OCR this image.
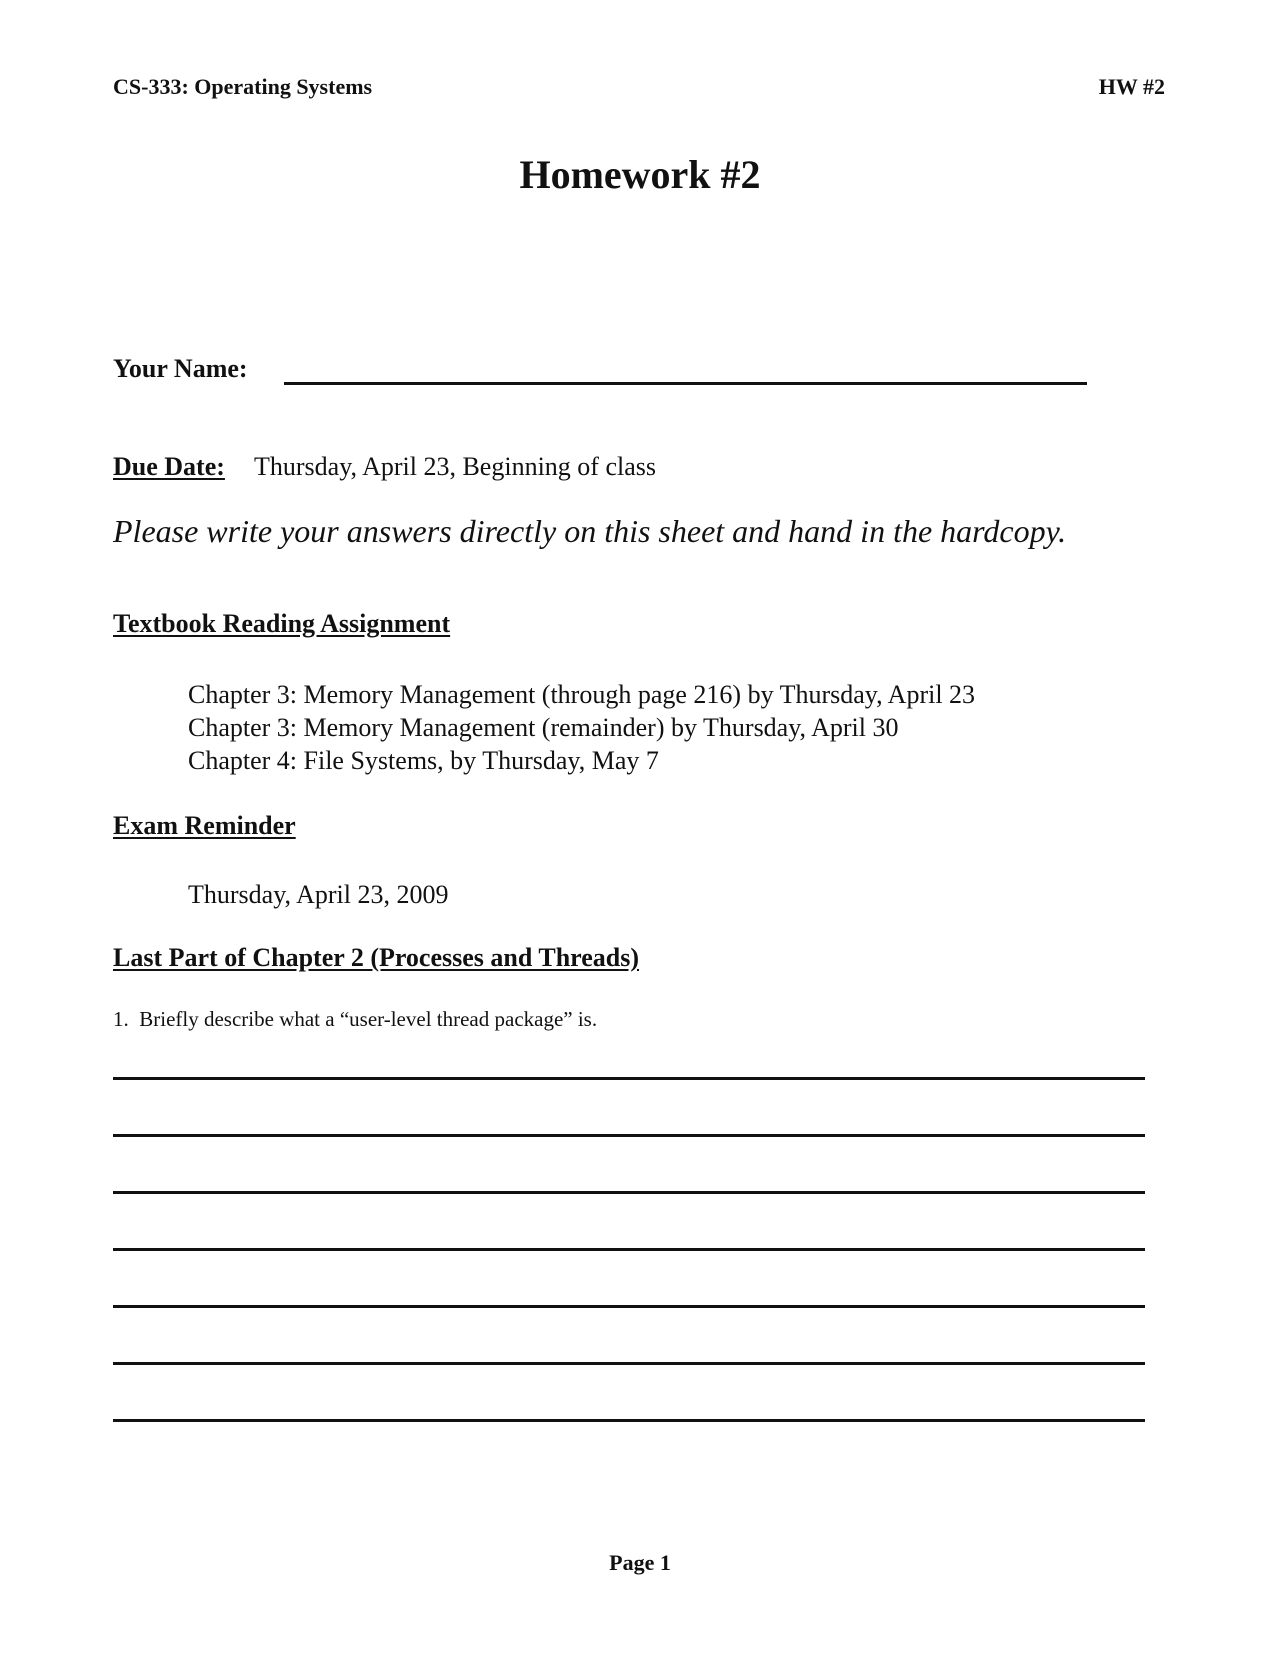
CS-333: Operating Systems	HW #2
Homework #2
Your Name:
Due Date: Thursday, April 23, Beginning of class
Please write your answers directly on this sheet and hand in the hardcopy.
Textbook Reading Assignment
Chapter 3: Memory Management (through page 216) by Thursday, April 23
Chapter 3: Memory Management (remainder) by Thursday, April 30
Chapter 4: File Systems, by Thursday, May 7
Exam Reminder
Thursday, April 23, 2009
Last Part of Chapter 2 (Processes and Threads)
1. Briefly describe what a “user-level thread package” is.
Page 1
